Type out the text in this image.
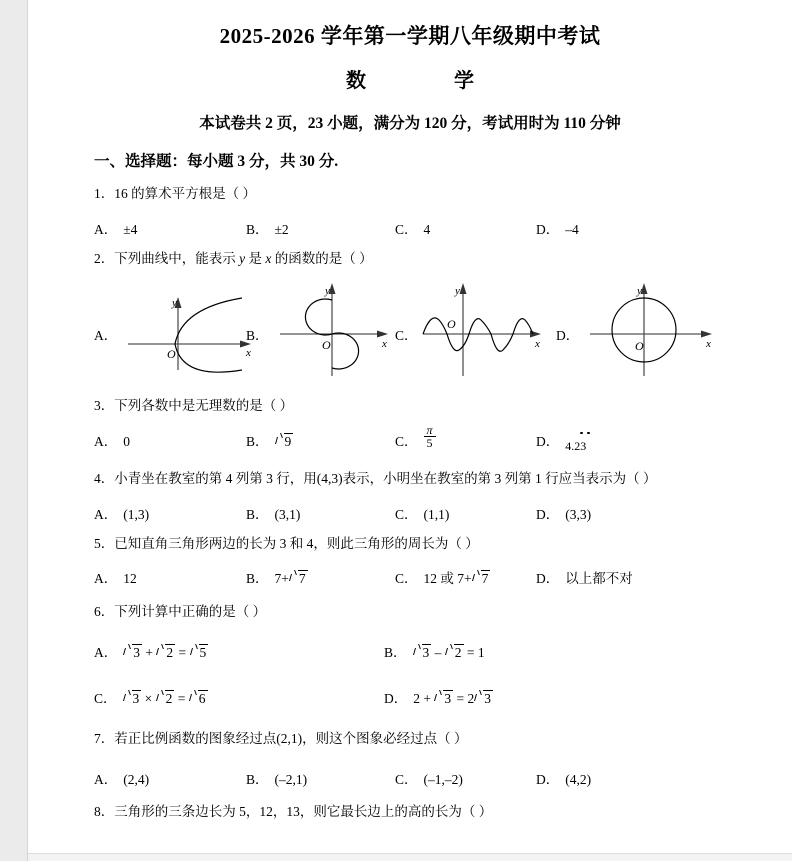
2025-2026 学年第一学期八年级期中考试
数	学
本试卷共 2 页，23 小题，满分为 120 分，考试用时为 110 分钟
一、选择题：每小题 3 分，共 30 分.
1．16 的算术平方根是（ ）
A． ±4	B． ±2	C． 4	D． –4
2．下列曲线中，能表示 y 是 x 的函数的是（ ）
A．
O
y
x
B．
O
y
x
C．
O
y
x
D．
O
y
x
3．下列各数中是无理数的是（ ）
A． 0	B． 9	C． $\frac{\pi}{5}$	D． 4.23
4．小青坐在教室的第 4 列第 3 行，用(4,3)表示，小明坐在教室的第 3 列第 1 行应当表示为（ ）
A． (1,3)	B． (3,1)	C． (1,1)	D． (3,3)
5．已知直角三角形两边的长为 3 和 4，则此三角形的周长为（ ）
A． 12	B． 7+ 7	C． 12 或 7+ 7	D． 以上都不对
6．下列计算中正确的是（ ）
A． 3 + 2 = 5	B． 3 – 2 = 1
C． 3 × 2 = 6	D． 2 + 3 = 2 3
7．若正比例函数的图象经过点(2,1)，则这个图象必经过点（ ）
A． (2,4)	B． (–2,1)	C． (–1,–2)	D． (4,2)
8．三角形的三条边长为 5，12，13，则它最长边上的高的长为（ ）
